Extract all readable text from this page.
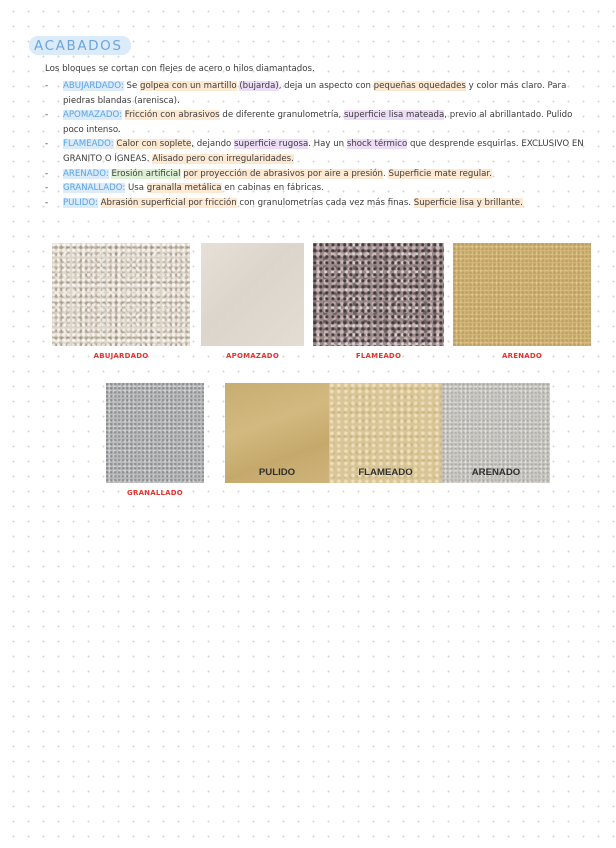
ACABADOS
Los bloques se cortan con flejes de acero o hilos diamantados.
- ABUJARDADO: Se golpea con un martillo (bujarda), deja un aspecto con pequeñas oquedades y color más claro. Para piedras blandas (arenisca).
- APOMAZADO: Fricción con abrasivos de diferente granulometría, superficie lisa mateada, previo al abrillantado. Pulido poco intenso.
- FLAMEADO: Calor con soplete, dejando superficie rugosa. Hay un shock térmico que desprende esquirlas. EXCLUSIVO EN GRANITO O ÍGNEAS. Alisado pero con irregularidades.
- ARENADO: Erosión artificial por proyección de abrasivos por aire a presión. Superficie mate regular.
- GRANALLADO: Usa granalla metálica en cabinas en fábricas.
- PULIDO: Abrasión superficial por fricción con granulometrías cada vez más finas. Superficie lisa y brillante.
ABUJARDADO	APOMAZADO	FLAMEADO	ARENADO
GRANALLADO
PULIDO	FLAMEADO	ARENADO
